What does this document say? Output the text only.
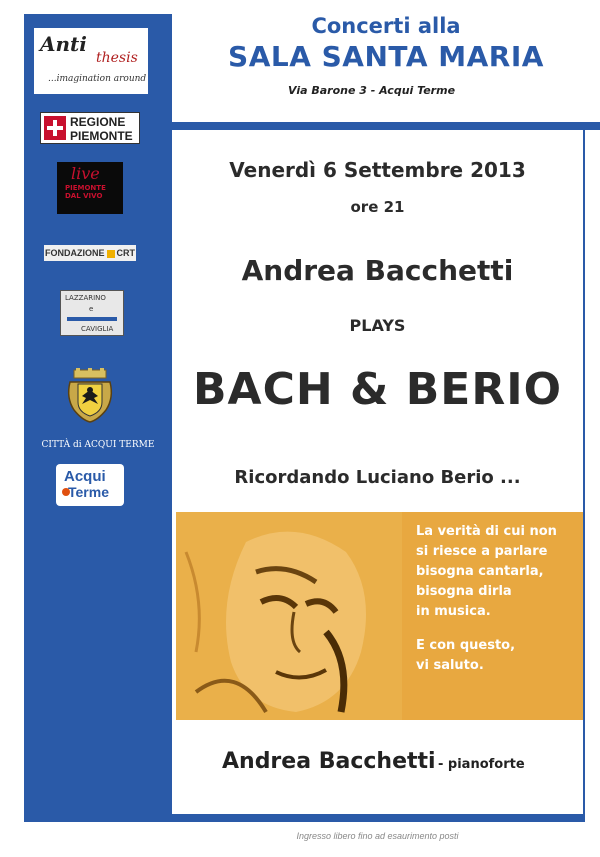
Anti
thesis
...imagination around
REGIONE
PIEMONTE
live
PIEMONTE
DAL VIVO
FONDAZIONE CRT
LAZZARINO
e
CAVIGLIA
CITTÀ di ACQUI TERME
Acqui
Terme
Concerti alla
SALA SANTA MARIA
Via Barone 3 - Acqui Terme
Venerdì 6 Settembre 2013
ore 21
Andrea Bacchetti
PLAYS
BACH & BERIO
Ricordando Luciano Berio ...
La verità di cui non
si riesce a parlare
bisogna cantarla,
bisogna dirla
in musica.
E con questo,
vi saluto.
Andrea Bacchetti - pianoforte
Ingresso libero fino ad esaurimento posti
